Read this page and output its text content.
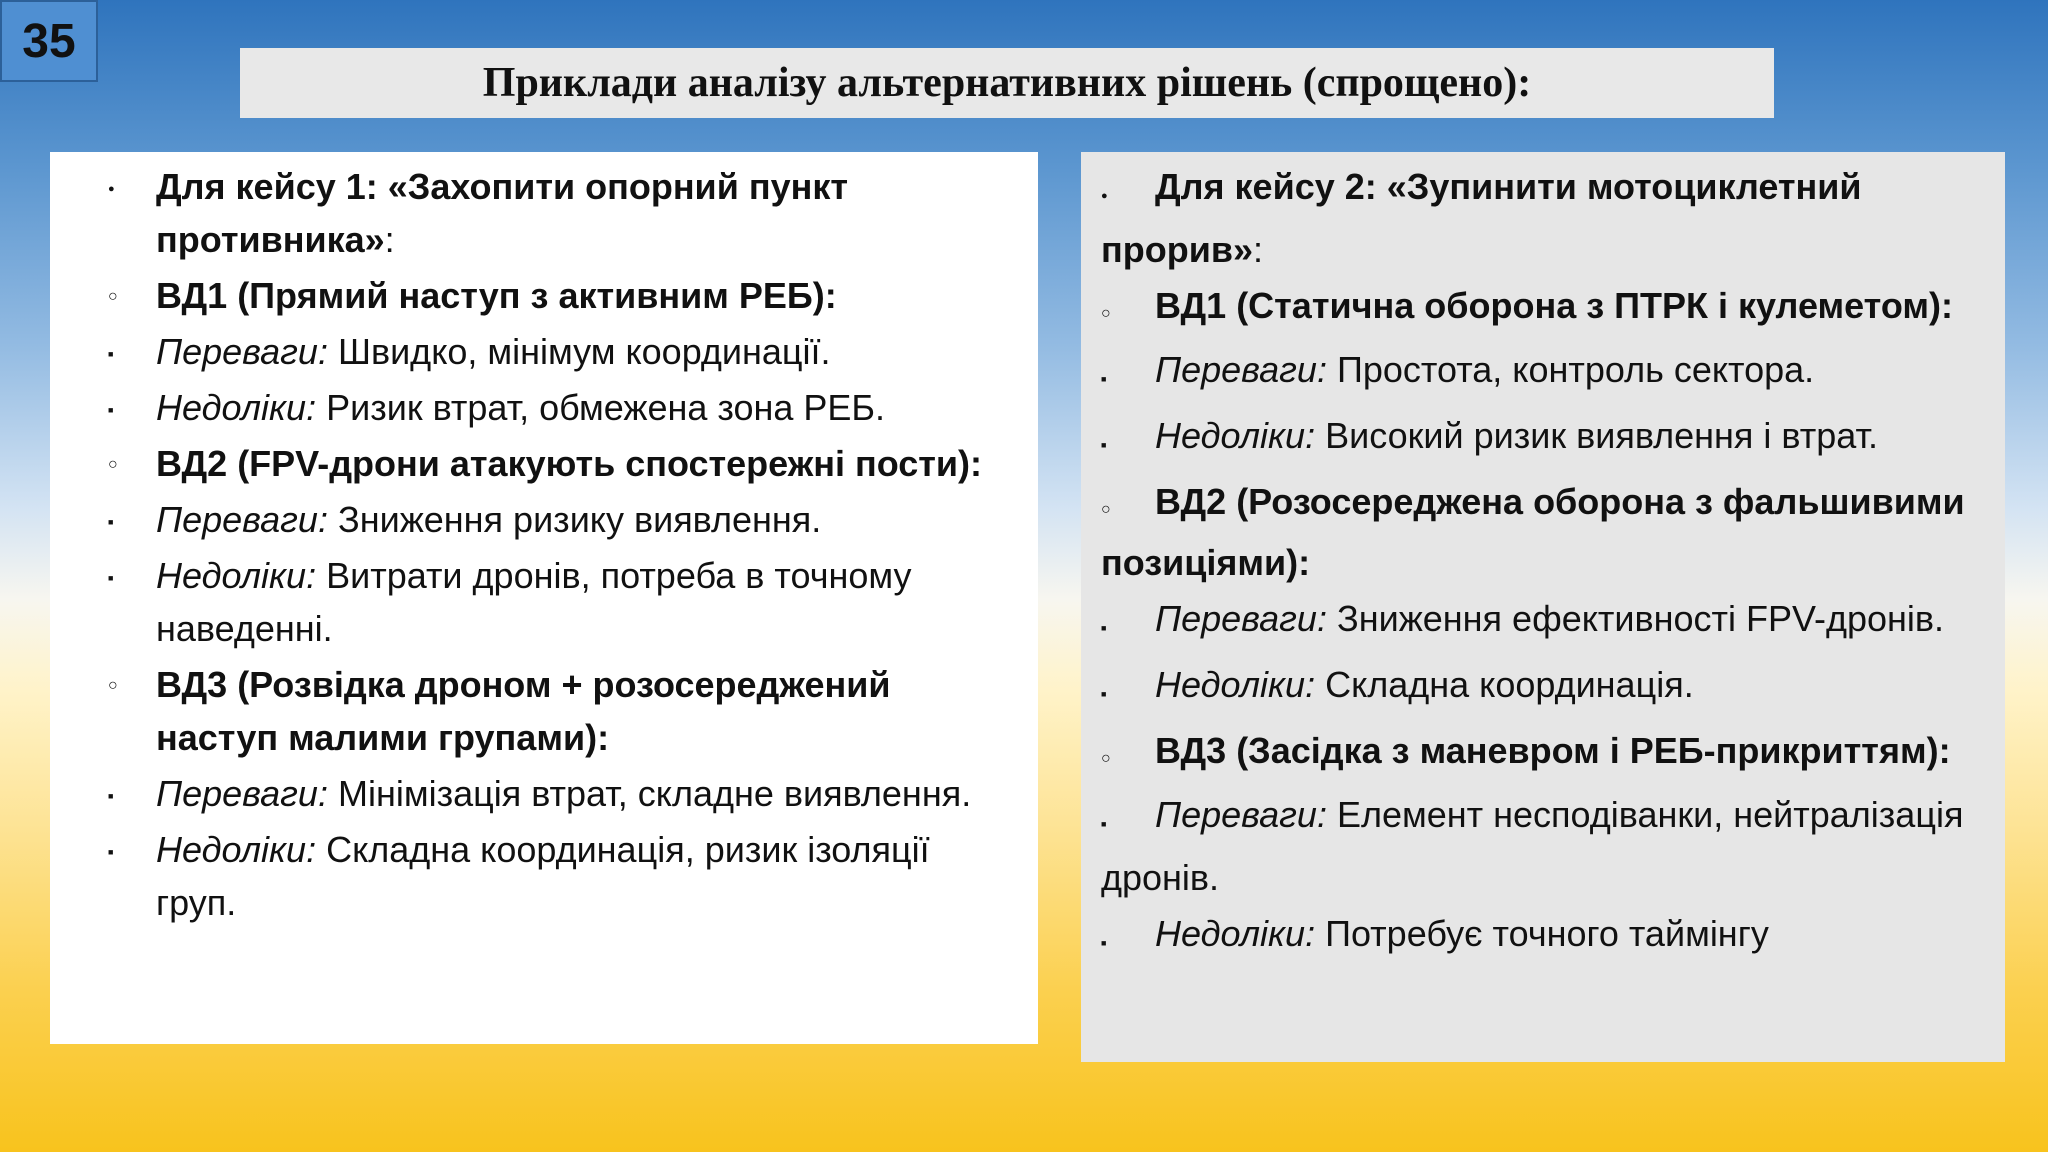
35
Приклади аналізу альтернативних рішень (спрощено):
●
Для кейсу 1: «Захопити опорний пункт противника»:
○
ВД1 (Прямий наступ з активним РЕБ):
■
Переваги: Швидко, мінімум координації.
■
Недоліки: Ризик втрат, обмежена зона РЕБ.
○
ВД2 (FPV-дрони атакують спостережні пости):
■
Переваги: Зниження ризику виявлення.
■
Недоліки: Витрати дронів, потреба в точному наведенні.
○
ВД3 (Розвідка дроном + розосереджений наступ малими групами):
■
Переваги: Мінімізація втрат, складне виявлення.
■
Недоліки: Складна координація, ризик ізоляції груп.
●Для кейсу 2: «Зупинити мотоциклетний прорив»:
○ВД1 (Статична оборона з ПТРК і кулеметом):
■Переваги: Простота, контроль сектора.
■Недоліки: Високий ризик виявлення і втрат.
○ВД2 (Розосереджена оборона з фальшивими позиціями):
■Переваги: Зниження ефективності FPV-дронів.
■Недоліки: Складна координація.
○ВД3 (Засідка з маневром і РЕБ-прикриттям):
■Переваги: Елемент несподіванки, нейтралізація дронів.
■Недоліки: Потребує точного таймінгу
